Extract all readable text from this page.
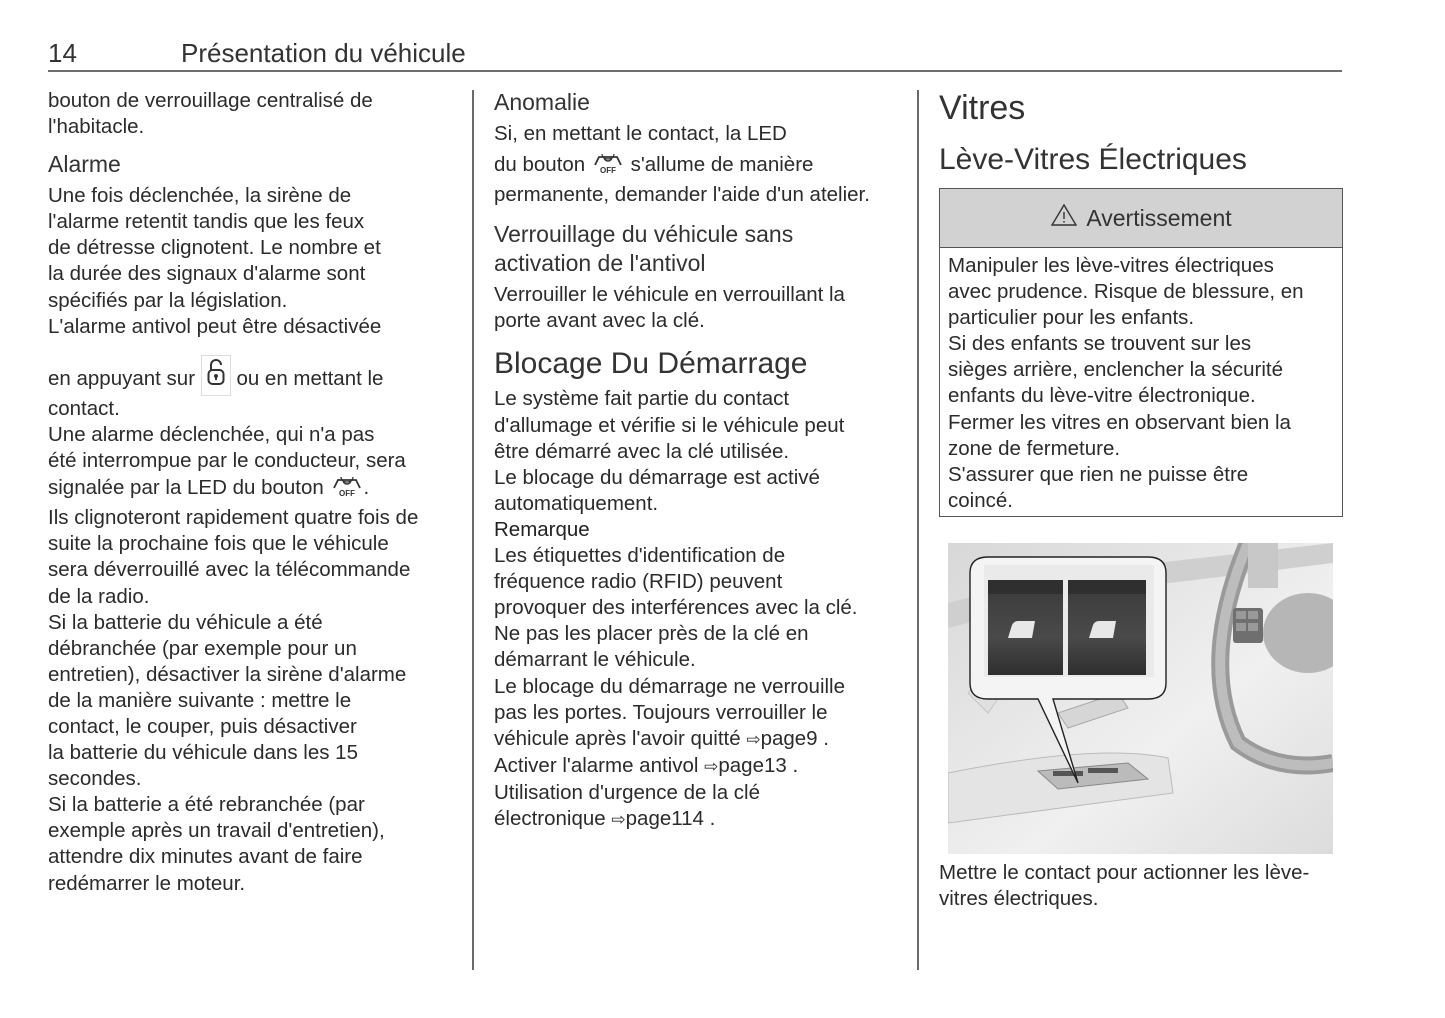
14	Présentation du véhicule

bouton de verrouillage centralisé de

l'habitacle.

Alarme

Une fois déclenchée, la sirène de

l'alarme retentit tandis que les feux

de détresse clignotent. Le nombre et

la durée des signaux d'alarme sont

spécifiés par la législation.

L'alarme antivol peut être désactivée

en appuyant sur ou en mettant le

contact.

Une alarme déclenchée, qui n'a pas

été interrompue par le conducteur, sera

signalée par la LED du bouton OFF .

Ils clignoteront rapidement quatre fois de

suite la prochaine fois que le véhicule

sera déverrouillé avec la télécommande

de la radio.

Si la batterie du véhicule a été

débranchée (par exemple pour un

entretien), désactiver la sirène d'alarme

de la manière suivante : mettre le

contact, le couper, puis désactiver

la batterie du véhicule dans les 15

secondes.

Si la batterie a été rebranchée (par

exemple après un travail d'entretien),

attendre dix minutes avant de faire

redémarrer le moteur.

Anomalie

Si, en mettant le contact, la LED

du bouton OFF s'allume de manière

permanente, demander l'aide d'un atelier.

Verrouillage du véhicule sans

activation de l'antivol

Verrouiller le véhicule en verrouillant la

porte avant avec la clé.

Blocage Du Démarrage

Le système fait partie du contact

d'allumage et vérifie si le véhicule peut

être démarré avec la clé utilisée.

Le blocage du démarrage est activé

automatiquement.

Remarque

Les étiquettes d'identification de

fréquence radio (RFID) peuvent

provoquer des interférences avec la clé.

Ne pas les placer près de la clé en

démarrant le véhicule.

Le blocage du démarrage ne verrouille

pas les portes. Toujours verrouiller le

véhicule après l'avoir quitté ⇨page9 .

Activer l'alarme antivol ⇨page13 .

Utilisation d'urgence de la clé

électronique ⇨page114 .

Vitres

Lève-Vitres Électriques

Avertissement

Manipuler les lève-vitres électriques

avec prudence. Risque de blessure, en

particulier pour les enfants.

Si des enfants se trouvent sur les

sièges arrière, enclencher la sécurité

enfants du lève-vitre électronique.

Fermer les vitres en observant bien la

zone de fermeture.

S'assurer que rien ne puisse être

coincé.

Mettre le contact pour actionner les lève-

vitres électriques.
